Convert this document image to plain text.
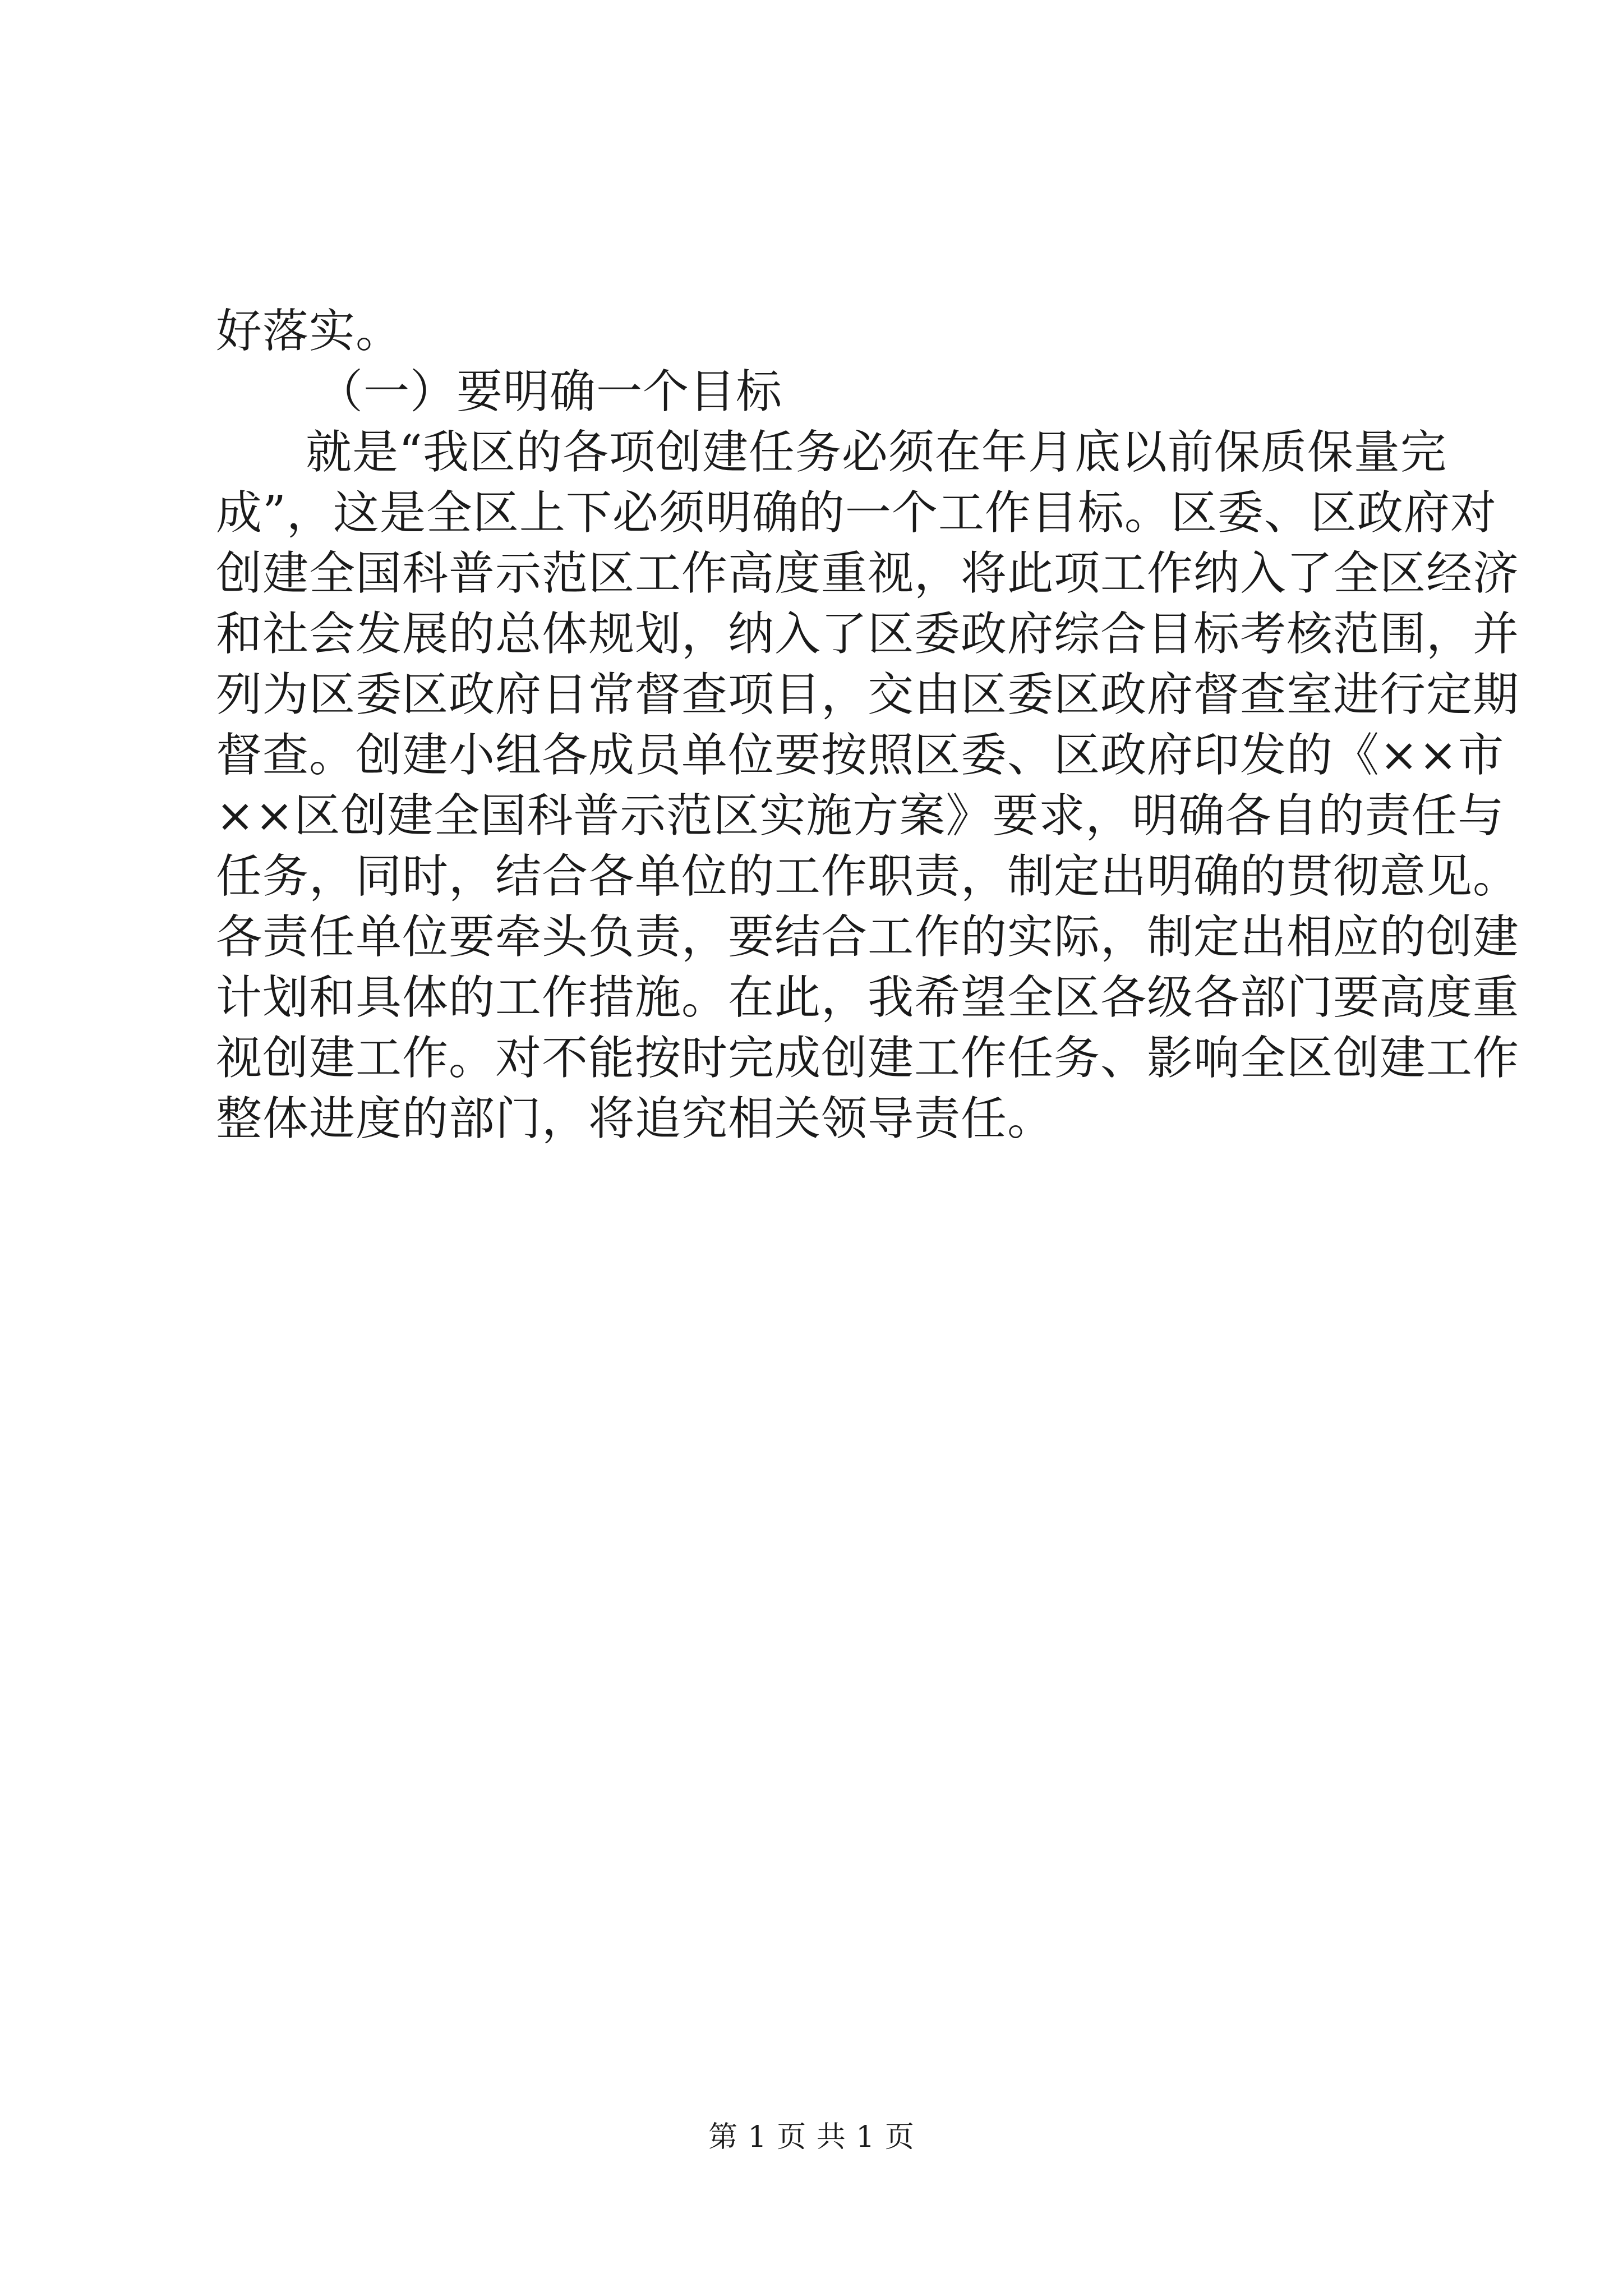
好落实。
（一）要明确一个目标
就是“我区的各项创建任务必须在年月底以前保质保量完
成”，这是全区上下必须明确的一个工作目标。区委、区政府对
创建全国科普示范区工作高度重视，将此项工作纳入了全区经济
和社会发展的总体规划，纳入了区委政府综合目标考核范围，并
列为区委区政府日常督查项目，交由区委区政府督查室进行定期
督查。创建小组各成员单位要按照区委、区政府印发的《××市
××区创建全国科普示范区实施方案》要求，明确各自的责任与
任务，同时，结合各单位的工作职责，制定出明确的贯彻意见。
各责任单位要牵头负责，要结合工作的实际，制定出相应的创建
计划和具体的工作措施。在此，我希望全区各级各部门要高度重
视创建工作。对不能按时完成创建工作任务、影响全区创建工作
整体进度的部门，将追究相关领导责任。
第 1 页 共 1 页
